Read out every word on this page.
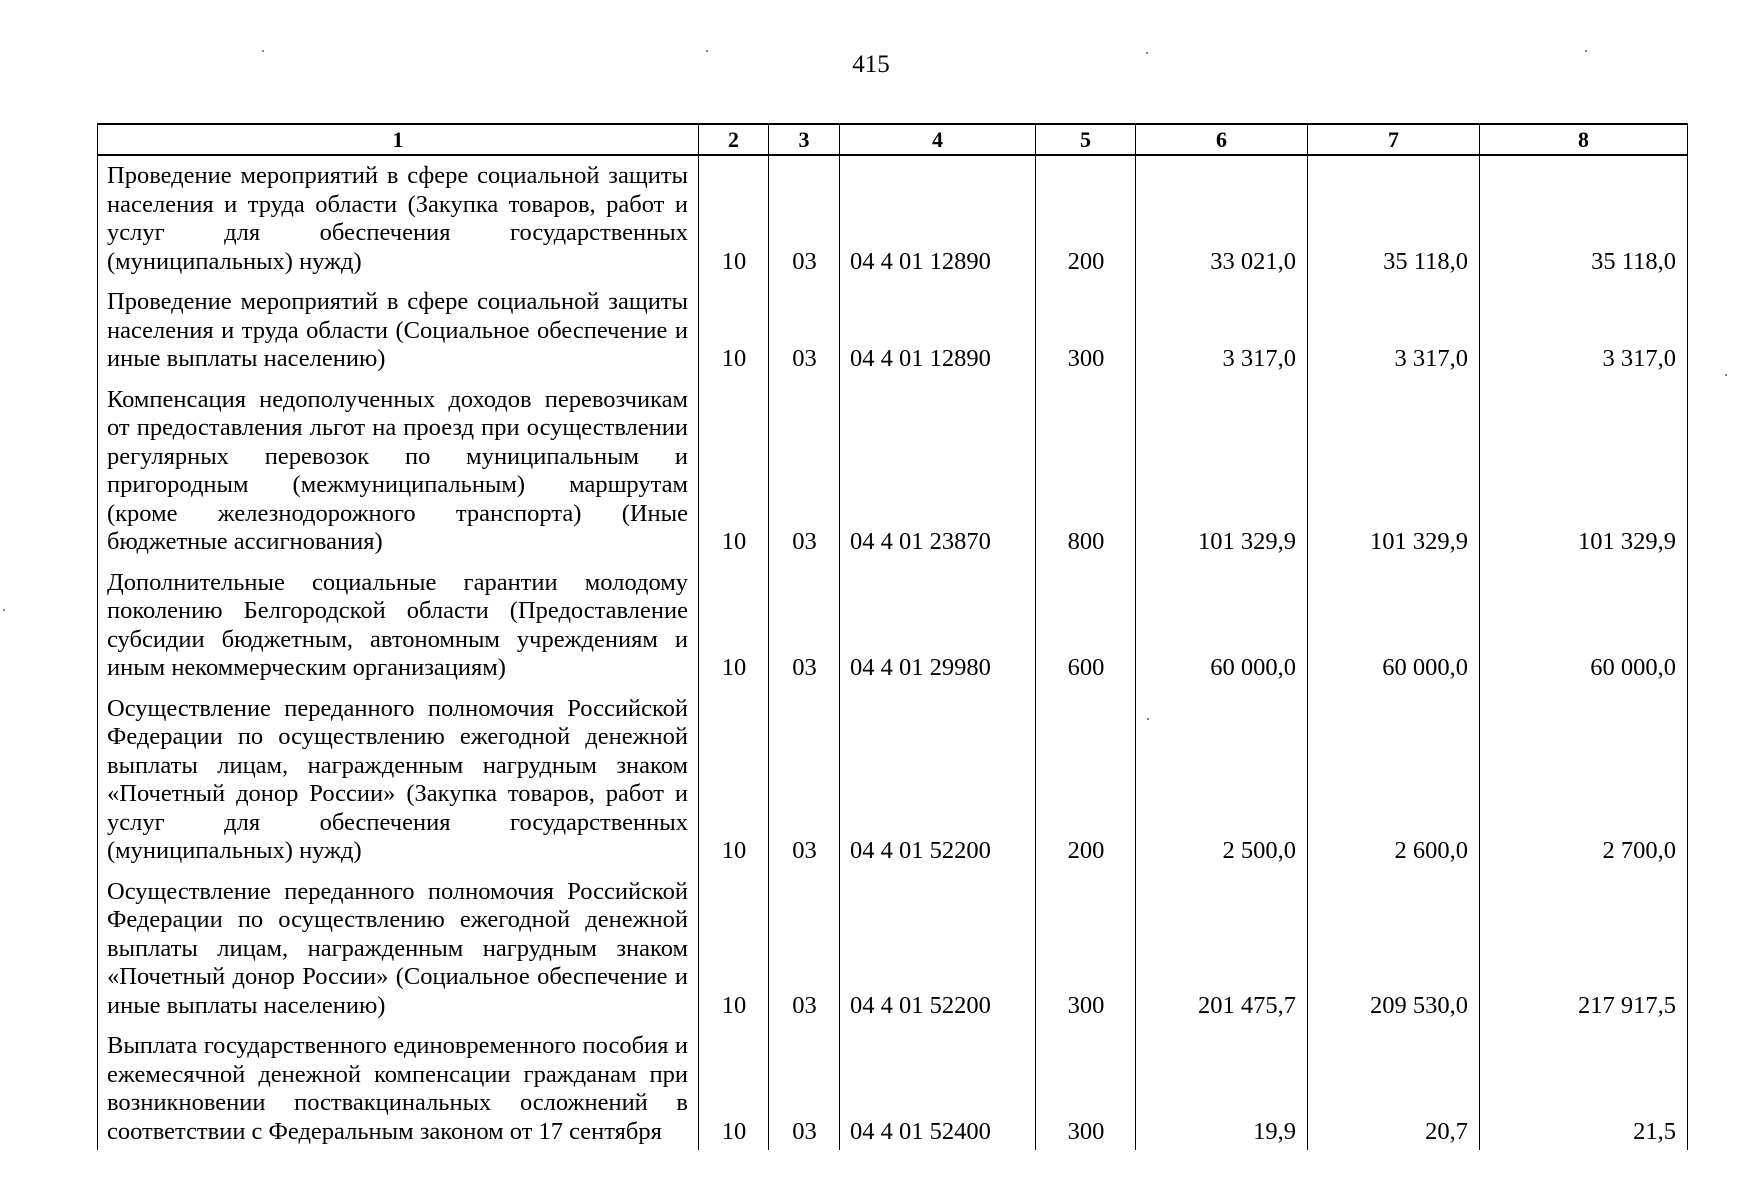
415
1	2	3	4	5	6	7	8
Проведение мероприятий в сфере социальной защиты населения и труда области (Закупка товаров, работ и услуг для обеспечения государственных (муниципальных) нужд)	10	03	04 4 01 12890	200	33 021,0	35 118,0	35 118,0
Проведение мероприятий в сфере социальной защиты населения и труда области (Социальное обеспечение и иные выплаты населению)	10	03	04 4 01 12890	300	3 317,0	3 317,0	3 317,0
Компенсация недополученных доходов перевозчикам от предоставления льгот на проезд при осуществлении регулярных перевозок по муниципальным и пригородным (межмуниципальным) маршрутам (кроме железнодорожного транспорта) (Иные бюджетные ассигнования)	10	03	04 4 01 23870	800	101 329,9	101 329,9	101 329,9
Дополнительные социальные гарантии молодому поколению Белгородской области (Предоставление субсидии бюджетным, автономным учреждениям и иным некоммерческим организациям)	10	03	04 4 01 29980	600	60 000,0	60 000,0	60 000,0
Осуществление переданного полномочия Российской Федерации по осуществлению ежегодной денежной выплаты лицам, награжденным нагрудным знаком «Почетный донор России» (Закупка товаров, работ и услуг для обеспечения государственных (муниципальных) нужд)	10	03	04 4 01 52200	200	2 500,0	2 600,0	2 700,0
Осуществление переданного полномочия Российской Федерации по осуществлению ежегодной денежной выплаты лицам, награжденным нагрудным знаком «Почетный донор России» (Социальное обеспечение и иные выплаты населению)	10	03	04 4 01 52200	300	201 475,7	209 530,0	217 917,5
Выплата государственного единовременного пособия и ежемесячной денежной компенсации гражданам при возникновении поствакцинальных осложнений в соответствии с Федеральным законом от 17 сентября	10	03	04 4 01 52400	300	19,9	20,7	21,5
